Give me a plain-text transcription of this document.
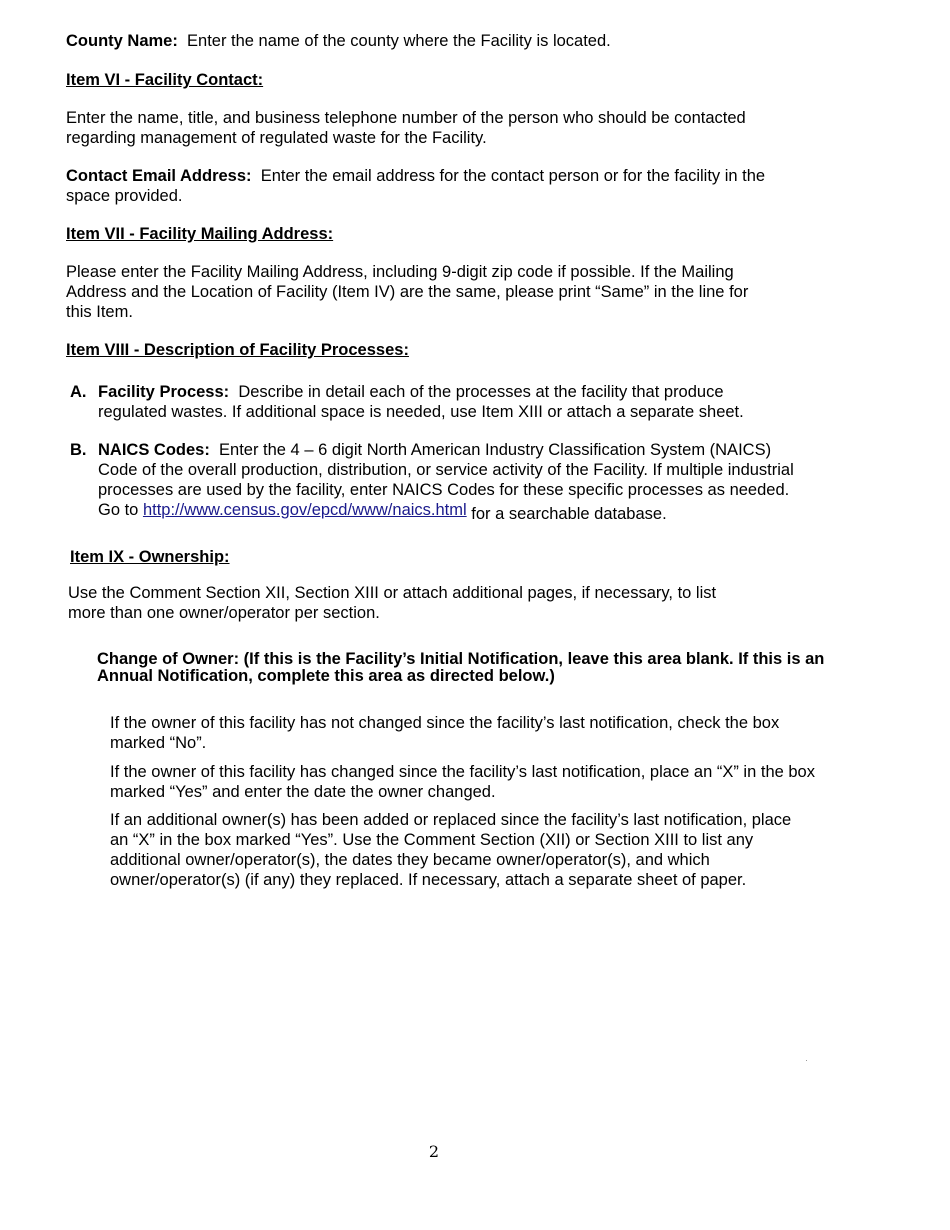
County Name: Enter the name of the county where the Facility is located.

Item VI - Facility Contact:

Enter the name, title, and business telephone number of the person who should be contacted regarding management of regulated waste for the Facility.

Contact Email Address: Enter the email address for the contact person or for the facility in the space provided.

Item VII - Facility Mailing Address:

Please enter the Facility Mailing Address, including 9-digit zip code if possible. If the Mailing Address and the Location of Facility (Item IV) are the same, please print “Same” in the line for this Item.

Item VIII - Description of Facility Processes:

A. Facility Process: Describe in detail each of the processes at the facility that produce regulated wastes. If additional space is needed, use Item XIII or attach a separate sheet.

B. NAICS Codes: Enter the 4 – 6 digit North American Industry Classification System (NAICS) Code of the overall production, distribution, or service activity of the Facility. If multiple industrial processes are used by the facility, enter NAICS Codes for these specific processes as needed. Go to http://www.census.gov/epcd/www/naics.html for a searchable database.

Item IX - Ownership:

Use the Comment Section XII, Section XIII or attach additional pages, if necessary, to list more than one owner/operator per section.

Change of Owner: (If this is the Facility’s Initial Notification, leave this area blank. If this is an Annual Notification, complete this area as directed below.)

If the owner of this facility has not changed since the facility’s last notification, check the box marked “No”.

If the owner of this facility has changed since the facility’s last notification, place an “X” in the box marked “Yes” and enter the date the owner changed.

If an additional owner(s) has been added or replaced since the facility’s last notification, place an “X” in the box marked “Yes”. Use the Comment Section (XII) or Section XIII to list any additional owner/operator(s), the dates they became owner/operator(s), and which owner/operator(s) (if any) they replaced. If necessary, attach a separate sheet of paper.

2
